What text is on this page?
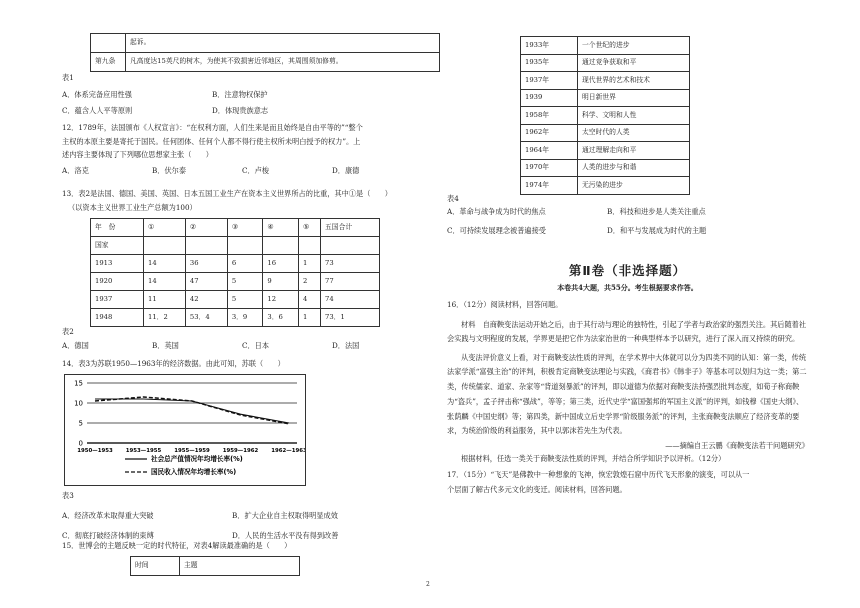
	起诉。
第九条	凡高度达15英尺的树木，为使其不致损害近邻地区，其周围须加修剪。
表1
A．体系完备应用性强	B．注意物权保护
C．蕴含人人平等原则	D．体现贵族意志
12．1789年，法国颁布《人权宣言》：“在权利方面，人们生来是而且始终是自由平等的”“整个
主权的本原主要是寄托于国民。任何团体、任何个人都不得行使主权所未明白授予的权力”。上
述内容主要体现了下列哪位思想家主张（　　）
A．洛克	B．伏尔泰	C．卢梭	D．康德
13．表2是法国、德国、美国、英国、日本五国工业生产在资本主义世界所占的比重，其中①是（　　）
（以资本主义世界工业生产总额为100）
年　份	①	②	③	④	⑤	五国合计
国家						
1913	14	36	6	16	1	73
1920	14	47	5	9	2	77
1937	11	42	5	12	4	74
1948	11．2	53．4	3．9	3．6	1	73．1
表2
A．德国	B．英国	C．日本	D．法国
14．表3为苏联1950—1963年的经济数据。由此可知，苏联（　　）
15
10
5
0
1950—1953 1953—1955 1955—1959 1959—1962 1962—1963
社会总产值情况年均增长率(%)
国民收入情况年均增长率(%)
表3
A．经济改革未取得重大突破	B．扩大企业自主权取得明显成效
C．彻底打破经济体制的束缚	D．人民的生活水平没有得到改善
15．世博会的主题反映一定的时代特征，对表4解读最准确的是（　　）
时间	主题
1933年	一个世纪的进步
1935年	通过竞争获取和平
1937年	现代世界的艺术和技术
1939	明日新世界
1958年	科学、文明和人性
1962年	太空时代的人类
1964年	通过理解走向和平
1970年	人类的进步与和谐
1974年	无污染的进步
表4
A．革命与战争成为时代的焦点	B．科技和进步是人类关注重点
C．可持续发展理念被普遍接受	D．和平与发展成为时代的主题
第Ⅱ卷（非选择题）
本卷共4大题，共55分。考生根据要求作答。
16．（12分）阅读材料，回答问题。
材料　自商鞅变法运动开始之后，由于其行动与理论的独特性，引起了学者与政治家的强烈关注。其后随着社会实践与文明程度的发展，学界更是把它作为法家治世的一种典型样本予以研究，进行了深入而又持续的研究。
从变法评价意义上看，对于商鞅变法性质的评判，在学术界中大体就可以分为四类不同的认知：第一类，传统法家学派“富强主治”的评判，积极肯定商鞅变法理论与实践，《商君书》《韩非子》等基本可以划归为这一类；第二类，传统儒家、道家、杂家等“背道刻暴派”的评判，即以道德为依据对商鞅变法持强烈批判态度，如荀子称商鞅为“盗兵”，孟子抨击称“强战”，等等；第三类，近代史学“富国强邦的军国主义派”的评判，如钱穆《国史大纲》、张荫麟《中国史纲》等；第四类，新中国成立后史学界“阶级服务派”的评判，主张商鞅变法顺应了经济变革的要求，为统治阶级的利益服务，其中以郭沫若先生为代表。
——摘编自王云鹏《商鞅变法若干问题研究》
根据材料，任选一类关于商鞅变法性质的评判，并结合所学知识予以评析。（12分）
17．（15分）“飞天”是佛教中一种想象的飞神，恢宏敦煌石窟中历代飞天形象的演变，可以从一
个层面了解古代多元文化的变迁。阅读材料，回答问题。
2
